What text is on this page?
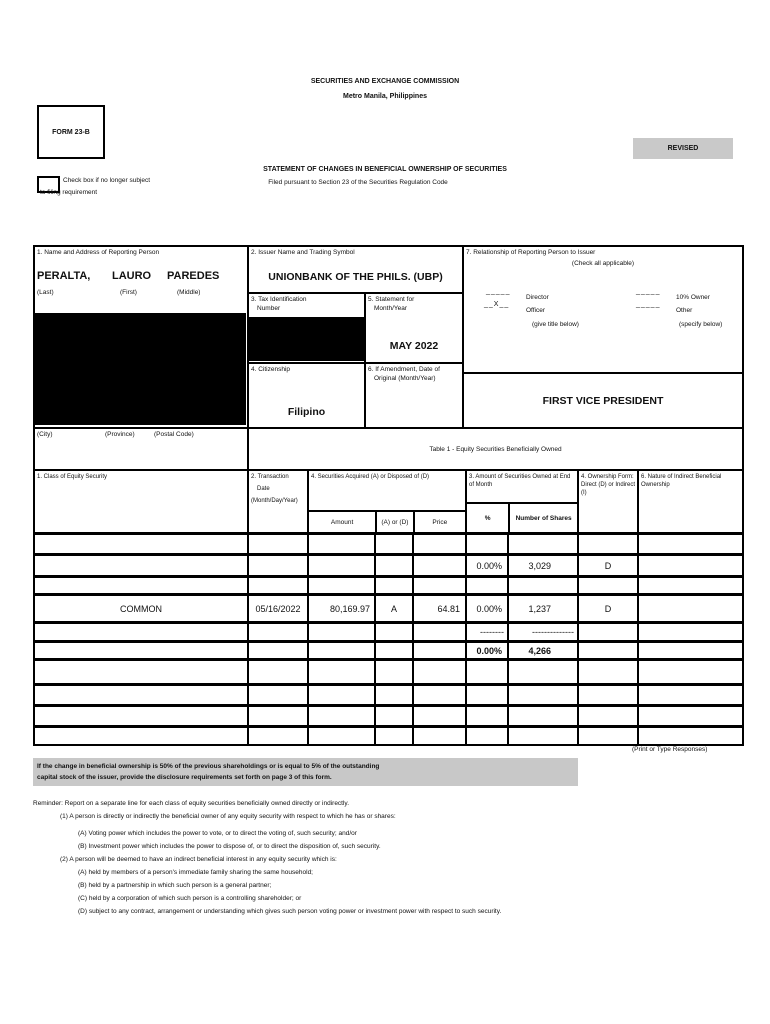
SECURITIES AND EXCHANGE COMMISSION
Metro Manila, Philippines
FORM 23-B
REVISED
STATEMENT OF CHANGES IN BENEFICIAL OWNERSHIP OF SECURITIES
Filed pursuant to Section 23 of the Securities Regulation Code
Check box if no longer subject
to filing requirement
1. Name and Address of Reporting Person
PERALTA, LAURO PAREDES
(Last)	(First)	(Middle)
2. Issuer Name and Trading Symbol
UNIONBANK OF THE PHILS. (UBP)
3. Tax Identification
Number
5. Statement for
Month/Year
MAY 2022
4. Citizenship
Filipino
6. If Amendment, Date of
Original (Month/Year)
7. Relationship of Reporting Person to Issuer
(Check all applicable)
_____
__X__
Director
Officer
(give title below)
_____
_____
10% Owner
Other
(specify below)
FIRST VICE PRESIDENT
(City)	(Province)	(Postal Code)
Table 1 - Equity Securities Beneficially Owned
1. Class of Equity Security	2. Transaction
Date
(Month/Day/Year)
4. Securities Acquired (A) or Disposed of (D)
Amount	(A) or (D)	Price
3. Amount of Securities Owned at End of Month
%	Number of Shares
4. Ownership Form: Direct (D) or Indirect (I)
6. Nature of Indirect Beneficial Ownership
0.00%	3,029	D
COMMON	05/16/2022	80,169.97	A	64.81	0.00%	1,237	D
--------	--------------
0.00%	4,266
(Print or Type Responses)
If the change in beneficial ownership is 50% of the previous shareholdings or is equal to 5% of the outstanding
capital stock of the issuer, provide the disclosure requirements set forth on page 3 of this form.
Reminder: Report on a separate line for each class of equity securities beneficially owned directly or indirectly.
(1) A person is directly or indirectly the beneficial owner of any equity security with respect to which he has or shares:
(A) Voting power which includes the power to vote, or to direct the voting of, such security; and/or
(B) Investment power which includes the power to dispose of, or to direct the disposition of, such security.
(2) A person will be deemed to have an indirect beneficial interest in any equity security which is:
(A) held by members of a person's immediate family sharing the same household;
(B) held by a partnership in which such person is a general partner;
(C) held by a corporation of which such person is a controlling shareholder; or
(D) subject to any contract, arrangement or understanding which gives such person voting power or investment power with respect to such security.
